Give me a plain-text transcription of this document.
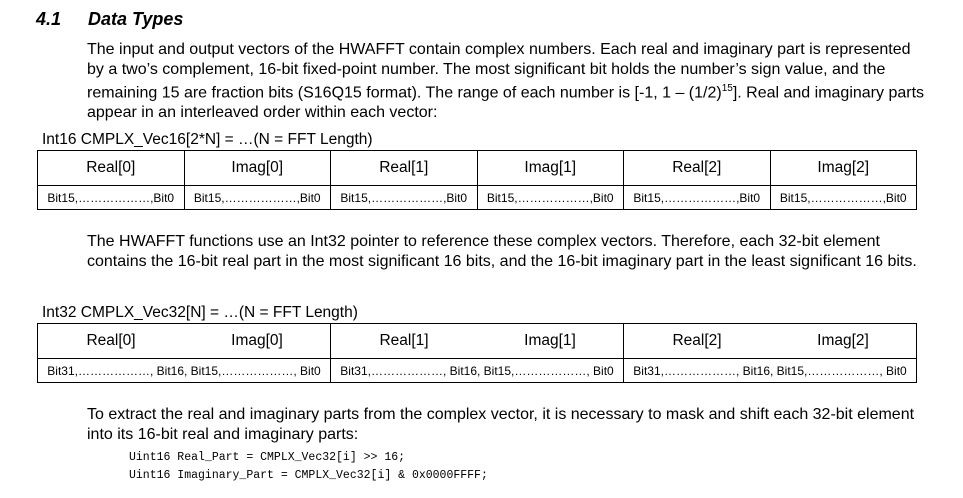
4.1 Data Types

The input and output vectors of the HWAFFT contain complex numbers. Each real and imaginary part is represented by a two’s complement, 16-bit fixed-point number. The most significant bit holds the number’s sign value, and the remaining 15 are fraction bits (S16Q15 format). The range of each number is [-1, $1 - (1/2)^{15}$]. Real and imaginary parts appear in an interleaved order within each vector:

Int16 CMPLX_Vec16[2*N] = …(N = FFT Length)
Real[0]	Imag[0]	Real[1]	Imag[1]	Real[2]	Imag[2]
Bit15,………………,Bit0	Bit15,………………,Bit0	Bit15,………………,Bit0	Bit15,………………,Bit0	Bit15,………………,Bit0	Bit15,………………,Bit0

The HWAFFT functions use an Int32 pointer to reference these complex vectors. Therefore, each 32-bit element contains the 16-bit real part in the most significant 16 bits, and the 16-bit imaginary part in the least significant 16 bits.

Int32 CMPLX_Vec32[N] = …(N = FFT Length)
Real[0]	Imag[0]	Real[1]	Imag[1]	Real[2]	Imag[2]
Bit31,………………, Bit16, Bit15,………………, Bit0		Bit31,………………, Bit16, Bit15,………………, Bit0		Bit31,………………, Bit16, Bit15,………………, Bit0	

To extract the real and imaginary parts from the complex vector, it is necessary to mask and shift each 32-bit element into its 16-bit real and imaginary parts:

Uint16 Real_Part = CMPLX_Vec32[i] >> 16;
Uint16 Imaginary_Part = CMPLX_Vec32[i] & 0x0000FFFF;
